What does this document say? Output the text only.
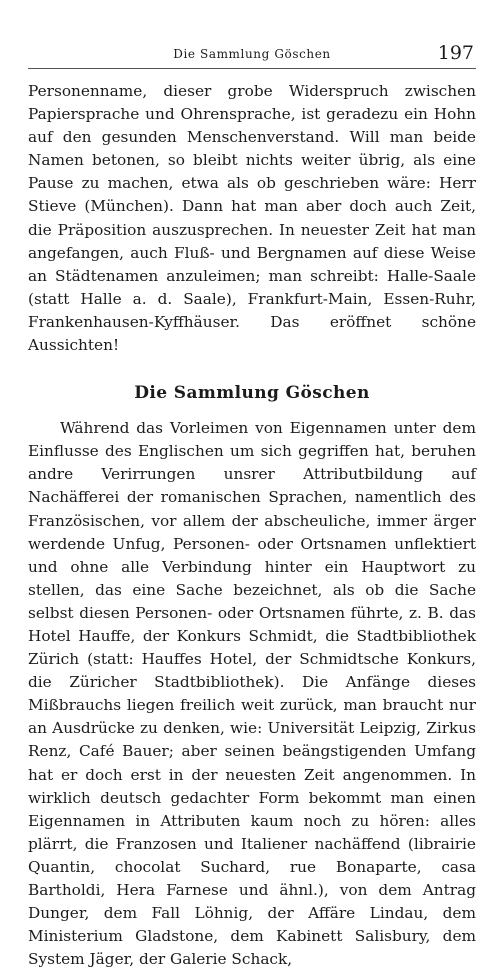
Die Sammlung Göschen	197

Personenname, dieser grobe Widerspruch zwischen Papiersprache und Ohrensprache, ist geradezu ein Hohn auf den gesunden Menschenverstand. Will man beide Namen betonen, so bleibt nichts weiter übrig, als eine Pause zu machen, etwa als ob geschrieben wäre: Herr Stieve (München). Dann hat man aber doch auch Zeit, die Präposition auszusprechen. In neuester Zeit hat man angefangen, auch Fluß- und Bergnamen auf diese Weise an Städtenamen anzuleimen; man schreibt: Halle-Saale (statt Halle a. d. Saale), Frankfurt-Main, Essen-Ruhr, Frankenhausen-Kyffhäuser. Das eröffnet schöne Aussichten!

Die Sammlung Göschen

Während das Vorleimen von Eigennamen unter dem Einflusse des Englischen um sich gegriffen hat, beruhen andre Verirrungen unsrer Attributbildung auf Nachäfferei der romanischen Sprachen, namentlich des Französischen, vor allem der abscheuliche, immer ärger werdende Unfug, Personen- oder Ortsnamen unflektiert und ohne alle Verbindung hinter ein Hauptwort zu stellen, das eine Sache bezeichnet, als ob die Sache selbst diesen Personen- oder Ortsnamen führte, z. B. das Hotel Hauffe, der Konkurs Schmidt, die Stadtbibliothek Zürich (statt: Hauffes Hotel, der Schmidtsche Konkurs, die Züricher Stadtbibliothek). Die Anfänge dieses Mißbrauchs liegen freilich weit zurück, man braucht nur an Ausdrücke zu denken, wie: Universität Leipzig, Zirkus Renz, Café Bauer; aber seinen beängstigenden Umfang hat er doch erst in der neuesten Zeit angenommen. In wirklich deutsch gedachter Form bekommt man einen Eigennamen in Attributen kaum noch zu hören: alles plärrt, die Franzosen und Italiener nachäffend (librairie Quantin, chocolat Suchard, rue Bonaparte, casa Bartholdi, Hera Farnese und ähnl.), von dem Antrag Dunger, dem Fall Löhnig, der Affäre Lindau, dem Ministerium Gladstone, dem Kabinett Salisbury, dem System Jäger, der Galerie Schack,
